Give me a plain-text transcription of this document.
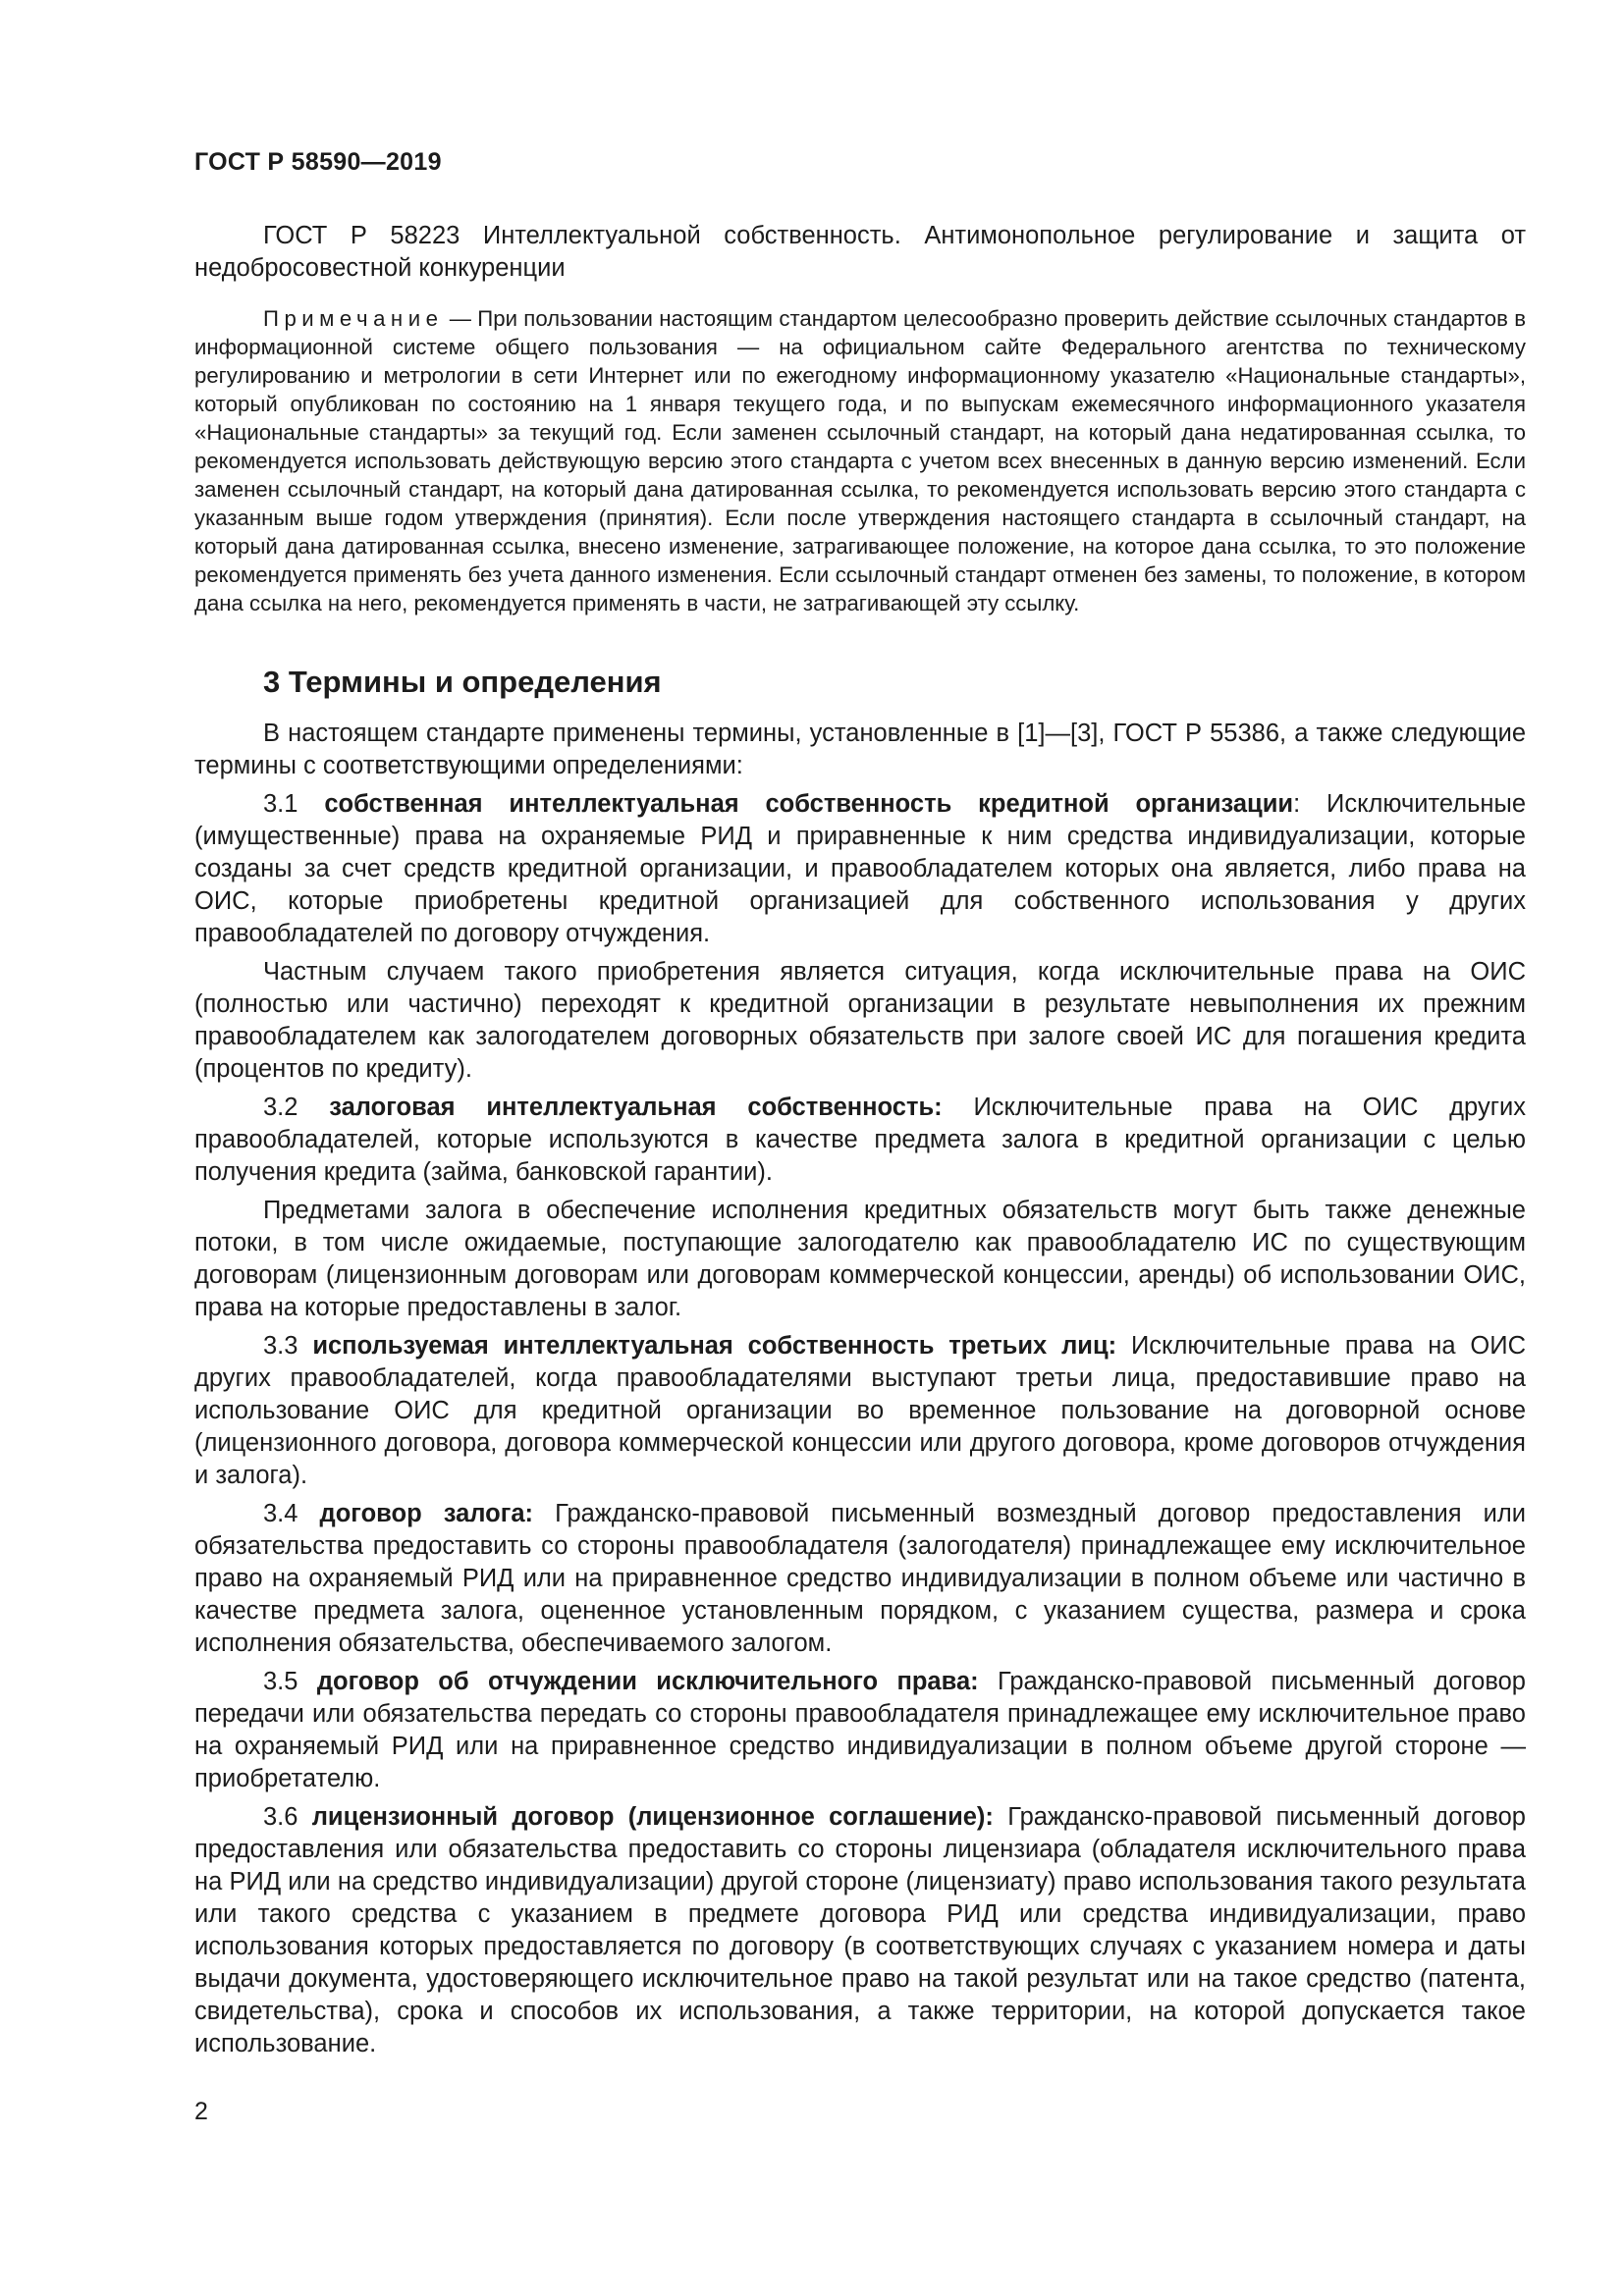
ГОСТ Р 58590—2019

ГОСТ Р 58223 Интеллектуальной собственность. Антимонопольное регулирование и защита от недобросовестной конкуренции

Примечание — При пользовании настоящим стандартом целесообразно проверить действие ссылочных стандартов в информационной системе общего пользования — на официальном сайте Федерального агентства по техническому регулированию и метрологии в сети Интернет или по ежегодному информационному указателю «Национальные стандарты», который опубликован по состоянию на 1 января текущего года, и по выпускам ежемесячного информационного указателя «Национальные стандарты» за текущий год. Если заменен ссылочный стандарт, на который дана недатированная ссылка, то рекомендуется использовать действующую версию этого стандарта с учетом всех внесенных в данную версию изменений. Если заменен ссылочный стандарт, на который дана датированная ссылка, то рекомендуется использовать версию этого стандарта с указанным выше годом утверждения (принятия). Если после утверждения настоящего стандарта в ссылочный стандарт, на который дана датированная ссылка, внесено изменение, затрагивающее положение, на которое дана ссылка, то это положение рекомендуется применять без учета данного изменения. Если ссылочный стандарт отменен без замены, то положение, в котором дана ссылка на него, рекомендуется применять в части, не затрагивающей эту ссылку.

3 Термины и определения

В настоящем стандарте применены термины, установленные в [1]—[3], ГОСТ Р 55386, а также следующие термины с соответствующими определениями:

3.1 собственная интеллектуальная собственность кредитной организации: Исключительные (имущественные) права на охраняемые РИД и приравненные к ним средства индивидуализации, которые созданы за счет средств кредитной организации, и правообладателем которых она является, либо права на ОИС, которые приобретены кредитной организацией для собственного использования у других правообладателей по договору отчуждения.

Частным случаем такого приобретения является ситуация, когда исключительные права на ОИС (полностью или частично) переходят к кредитной организации в результате невыполнения их прежним правообладателем как залогодателем договорных обязательств при залоге своей ИС для погашения кредита (процентов по кредиту).

3.2 залоговая интеллектуальная собственность: Исключительные права на ОИС других правообладателей, которые используются в качестве предмета залога в кредитной организации с целью получения кредита (займа, банковской гарантии).

Предметами залога в обеспечение исполнения кредитных обязательств могут быть также денежные потоки, в том числе ожидаемые, поступающие залогодателю как правообладателю ИС по существующим договорам (лицензионным договорам или договорам коммерческой концессии, аренды) об использовании ОИС, права на которые предоставлены в залог.

3.3 используемая интеллектуальная собственность третьих лиц: Исключительные права на ОИС других правообладателей, когда правообладателями выступают третьи лица, предоставившие право на использование ОИС для кредитной организации во временное пользование на договорной основе (лицензионного договора, договора коммерческой концессии или другого договора, кроме договоров отчуждения и залога).

3.4 договор залога: Гражданско-правовой письменный возмездный договор предоставления или обязательства предоставить со стороны правообладателя (залогодателя) принадлежащее ему исключительное право на охраняемый РИД или на приравненное средство индивидуализации в полном объеме или частично в качестве предмета залога, оцененное установленным порядком, с указанием существа, размера и срока исполнения обязательства, обеспечиваемого залогом.

3.5 договор об отчуждении исключительного права: Гражданско-правовой письменный договор передачи или обязательства передать со стороны правообладателя принадлежащее ему исключительное право на охраняемый РИД или на приравненное средство индивидуализации в полном объеме другой стороне — приобретателю.

3.6 лицензионный договор (лицензионное соглашение): Гражданско-правовой письменный договор предоставления или обязательства предоставить со стороны лицензиара (обладателя исключительного права на РИД или на средство индивидуализации) другой стороне (лицензиату) право использования такого результата или такого средства с указанием в предмете договора РИД или средства индивидуализации, право использования которых предоставляется по договору (в соответствующих случаях с указанием номера и даты выдачи документа, удостоверяющего исключительное право на такой результат или на такое средство (патента, свидетельства), срока и способов их использования, а также территории, на которой допускается такое использование.

2
